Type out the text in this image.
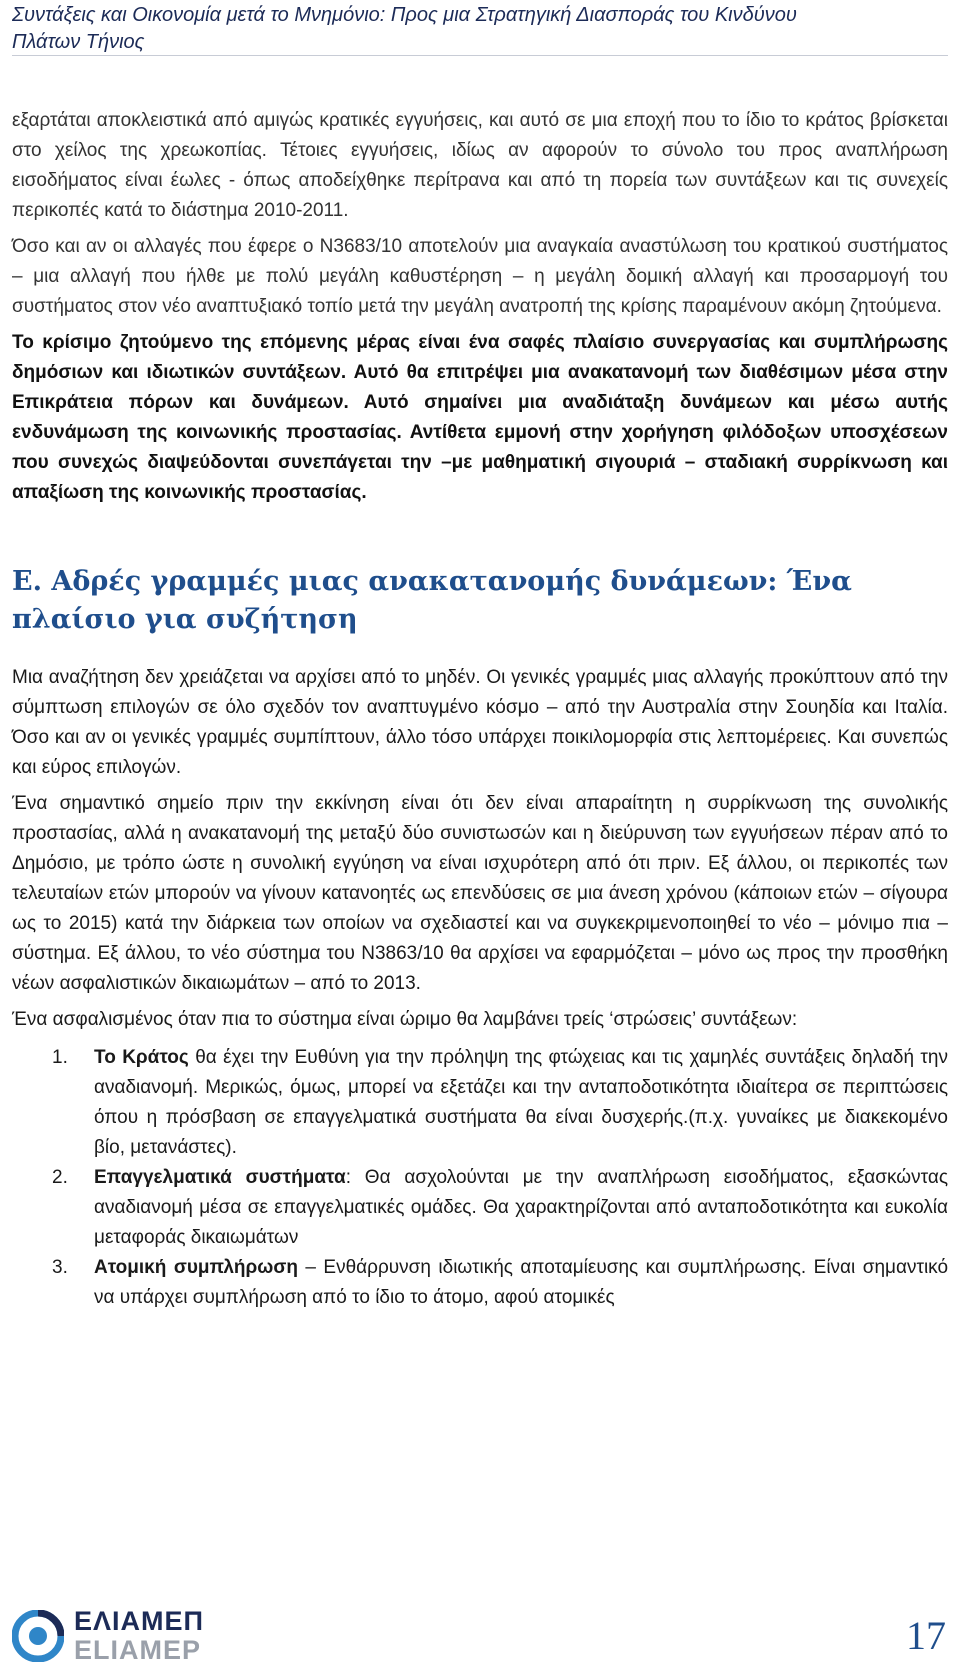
Συντάξεις και Οικονομία μετά το Μνημόνιο: Προς μια Στρατηγική Διασποράς του Κινδύνου
Πλάτων Τήνιος

εξαρτάται αποκλειστικά από αμιγώς κρατικές εγγυήσεις, και αυτό σε μια εποχή που το ίδιο το κράτος βρίσκεται στο χείλος της χρεωκοπίας. Τέτοιες εγγυήσεις, ιδίως αν αφορούν το σύνολο του προς αναπλήρωση εισοδήματος είναι έωλες - όπως αποδείχθηκε περίτρανα και από τη πορεία των συντάξεων και τις συνεχείς περικοπές κατά το διάστημα 2010-2011.

Όσο και αν οι αλλαγές που έφερε ο Ν3683/10 αποτελούν μια αναγκαία αναστύλωση του κρατικού συστήματος – μια αλλαγή που ήλθε με πολύ μεγάλη καθυστέρηση – η μεγάλη δομική αλλαγή και προσαρμογή του συστήματος στον νέο αναπτυξιακό τοπίο μετά την μεγάλη ανατροπή της κρίσης παραμένουν ακόμη ζητούμενα.

Το κρίσιμο ζητούμενο της επόμενης μέρας είναι ένα σαφές πλαίσιο συνεργασίας και συμπλήρωσης δημόσιων και ιδιωτικών συντάξεων. Αυτό θα επιτρέψει μια ανακατανομή των διαθέσιμων μέσα στην Επικράτεια πόρων και δυνάμεων. Αυτό σημαίνει μια αναδιάταξη δυνάμεων και μέσω αυτής ενδυνάμωση της κοινωνικής προστασίας. Αντίθετα εμμονή στην χορήγηση φιλόδοξων υποσχέσεων που συνεχώς διαψεύδονται συνεπάγεται την –με μαθηματική σιγουριά – σταδιακή συρρίκνωση και απαξίωση της κοινωνικής προστασίας.

Ε. Αδρές γραμμές μιας ανακατανομής δυνάμεων: Ένα πλαίσιο για συζήτηση

Μια αναζήτηση δεν χρειάζεται να αρχίσει από το μηδέν. Οι γενικές γραμμές μιας αλλαγής προκύπτουν από την σύμπτωση επιλογών σε όλο σχεδόν τον αναπτυγμένο κόσμο – από την Αυστραλία στην Σουηδία και Ιταλία. Όσο και αν οι γενικές γραμμές συμπίπτουν, άλλο τόσο υπάρχει ποικιλομορφία στις λεπτομέρειες. Και συνεπώς και εύρος επιλογών.

Ένα σημαντικό σημείο πριν την εκκίνηση είναι ότι δεν είναι απαραίτητη η συρρίκνωση της συνολικής προστασίας, αλλά η ανακατανομή της μεταξύ δύο συνιστωσών και η διεύρυνση των εγγυήσεων πέραν από το Δημόσιο, με τρόπο ώστε η συνολική εγγύηση να είναι ισχυρότερη από ότι πριν. Εξ άλλου, οι περικοπές των τελευταίων ετών μπορούν να γίνουν κατανοητές ως επενδύσεις σε μια άνεση χρόνου (κάποιων ετών – σίγουρα ως το 2015) κατά την διάρκεια των οποίων να σχεδιαστεί και να συγκεκριμενοποιηθεί το νέο – μόνιμο πια – σύστημα. Εξ άλλου, το νέο σύστημα του Ν3863/10 θα αρχίσει να εφαρμόζεται – μόνο ως προς την προσθήκη νέων ασφαλιστικών δικαιωμάτων – από το 2013.

Ένα ασφαλισμένος όταν πια το σύστημα είναι ώριμο θα λαμβάνει τρείς ‘στρώσεις’ συντάξεων:

1. Το Κράτος θα έχει την Ευθύνη για την πρόληψη της φτώχειας και τις χαμηλές συντάξεις δηλαδή την αναδιανομή. Μερικώς, όμως, μπορεί να εξετάζει και την ανταποδοτικότητα ιδιαίτερα σε περιπτώσεις όπου η πρόσβαση σε επαγγελματικά συστήματα θα είναι δυσχερής.(π.χ. γυναίκες με διακεκομένο βίο, μετανάστες).
2. Επαγγελματικά συστήματα: Θα ασχολούνται με την αναπλήρωση εισοδήματος, εξασκώντας αναδιανομή μέσα σε επαγγελματικές ομάδες. Θα χαρακτηρίζονται από ανταποδοτικότητα και ευκολία μεταφοράς δικαιωμάτων
3. Ατομική συμπλήρωση – Ενθάρρυνση ιδιωτικής αποταμίευσης και συμπλήρωσης. Είναι σημαντικό να υπάρχει συμπλήρωση από το ίδιο το άτομο, αφού ατομικές
ΕΛΙΑΜΕΠ
ELIAMEP	17
